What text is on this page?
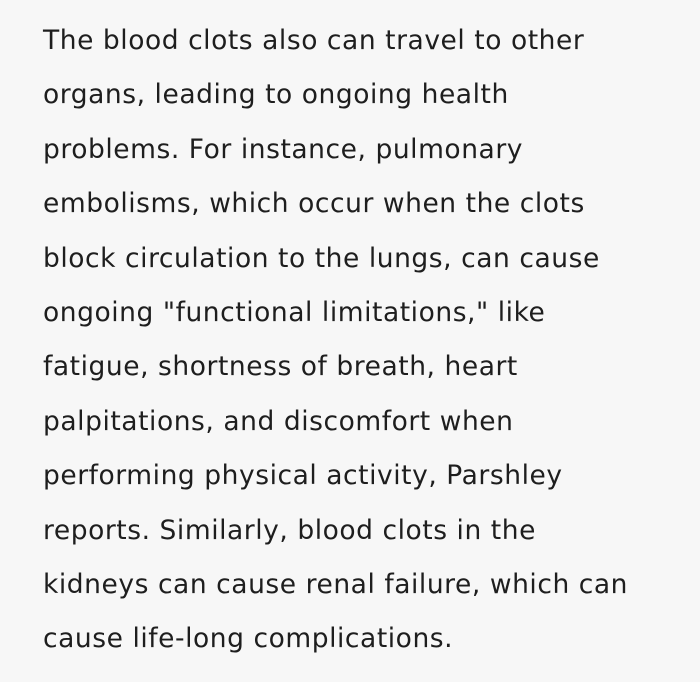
The blood clots also can travel to other
organs, leading to ongoing health
problems. For instance, pulmonary
embolisms, which occur when the clots
block circulation to the lungs, can cause
ongoing "functional limitations," like
fatigue, shortness of breath, heart
palpitations, and discomfort when
performing physical activity, Parshley
reports. Similarly, blood clots in the
kidneys can cause renal failure, which can
cause life-long complications.
